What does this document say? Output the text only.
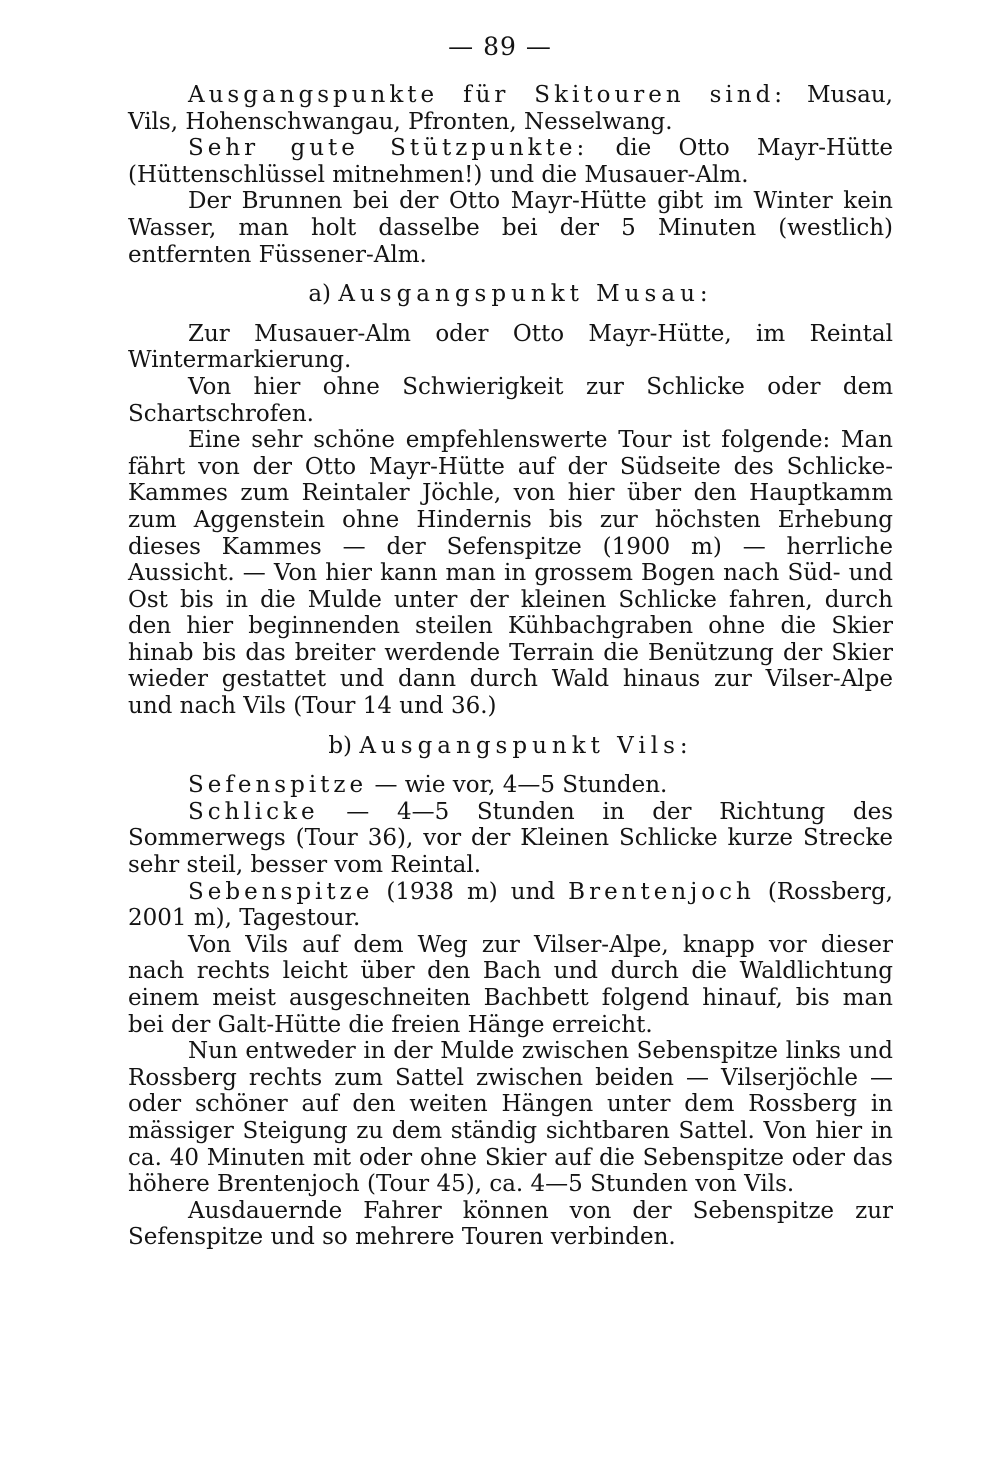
— 89 —

Ausgangspunkte für Skitouren sind: Musau, Vils, Hohenschwangau, Pfronten, Nesselwang.

Sehr gute Stützpunkte: die Otto Mayr-Hütte (Hüttenschlüssel mitnehmen!) und die Musauer-Alm.

Der Brunnen bei der Otto Mayr-Hütte gibt im Winter kein Wasser, man holt dasselbe bei der 5 Minuten (westlich) entfernten Füssener-Alm.

a) Ausgangspunkt Musau:

Zur Musauer-Alm oder Otto Mayr-Hütte, im Reintal Wintermarkierung.

Von hier ohne Schwierigkeit zur Schlicke oder dem Schartschrofen.

Eine sehr schöne empfehlenswerte Tour ist folgende: Man fährt von der Otto Mayr-Hütte auf der Südseite des Schlicke-Kammes zum Reintaler Jöchle, von hier über den Hauptkamm zum Aggenstein ohne Hindernis bis zur höchsten Erhebung dieses Kammes — der Sefenspitze (1900 m) — herrliche Aussicht. — Von hier kann man in grossem Bogen nach Süd- und Ost bis in die Mulde unter der kleinen Schlicke fahren, durch den hier beginnenden steilen Kühbachgraben ohne die Skier hinab bis das breiter werdende Terrain die Benützung der Skier wieder gestattet und dann durch Wald hinaus zur Vilser-Alpe und nach Vils (Tour 14 und 36.)

b) Ausgangspunkt Vils:

Sefenspitze — wie vor, 4—5 Stunden.

Schlicke — 4—5 Stunden in der Richtung des Sommerwegs (Tour 36), vor der Kleinen Schlicke kurze Strecke sehr steil, besser vom Reintal.

Sebenspitze (1938 m) und Brentenjoch (Rossberg, 2001 m), Tagestour.

Von Vils auf dem Weg zur Vilser-Alpe, knapp vor dieser nach rechts leicht über den Bach und durch die Waldlichtung einem meist ausgeschneiten Bachbett folgend hinauf, bis man bei der Galt-Hütte die freien Hänge erreicht.

Nun entweder in der Mulde zwischen Sebenspitze links und Rossberg rechts zum Sattel zwischen beiden — Vilserjöchle — oder schöner auf den weiten Hängen unter dem Rossberg in mässiger Steigung zu dem ständig sichtbaren Sattel. Von hier in ca. 40 Minuten mit oder ohne Skier auf die Sebenspitze oder das höhere Brentenjoch (Tour 45), ca. 4—5 Stunden von Vils.

Ausdauernde Fahrer können von der Sebenspitze zur Sefenspitze und so mehrere Touren verbinden.
